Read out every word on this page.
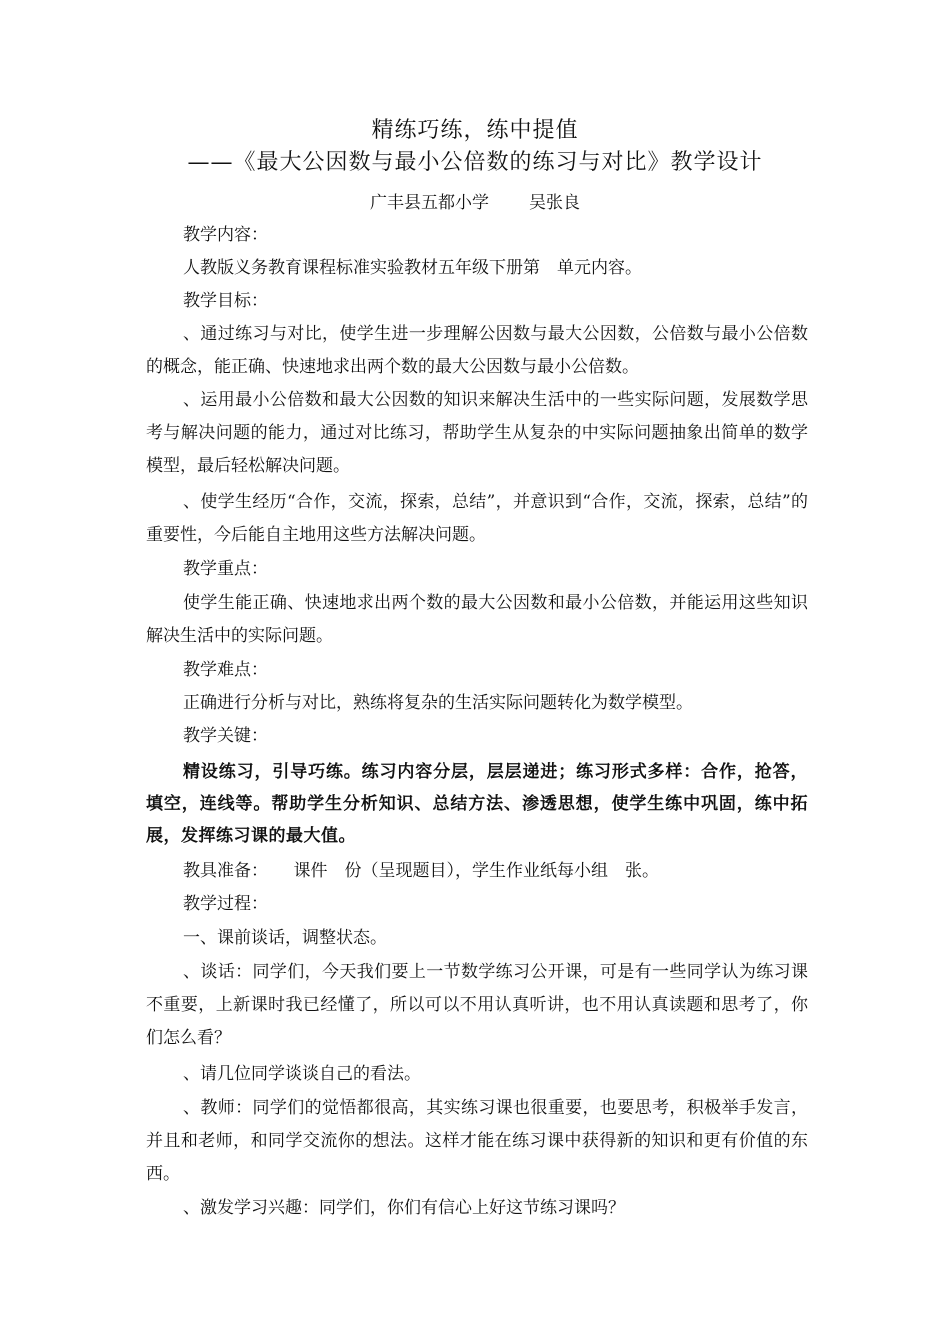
精练巧练，练中提值
——《最大公因数与最小公倍数的练习与对比》教学设计
广丰县五都小学 吴张良
教学内容：
人教版义务教育课程标准实验教材五年级下册第　单元内容。
教学目标：
、通过练习与对比，使学生进一步理解公因数与最大公因数，公倍数与最小公倍数的概念，能正确、快速地求出两个数的最大公因数与最小公倍数。
、运用最小公倍数和最大公因数的知识来解决生活中的一些实际问题，发展数学思考与解决问题的能力，通过对比练习，帮助学生从复杂的中实际问题抽象出简单的数学模型，最后轻松解决问题。
、使学生经历“合作，交流，探索，总结”，并意识到“合作，交流，探索，总结”的重要性，今后能自主地用这些方法解决问题。
教学重点：
使学生能正确、快速地求出两个数的最大公因数和最小公倍数，并能运用这些知识解决生活中的实际问题。
教学难点：
正确进行分析与对比，熟练将复杂的生活实际问题转化为数学模型。
教学关键：
精设练习，引导巧练。练习内容分层，层层递进；练习形式多样：合作，抢答，填空，连线等。帮助学生分析知识、总结方法、渗透思想，使学生练中巩固，练中拓展，发挥练习课的最大值。
教具准备：　　课件　份（呈现题目），学生作业纸每小组　张。
教学过程：
一、课前谈话，调整状态。
、谈话：同学们，今天我们要上一节数学练习公开课，可是有一些同学认为练习课不重要，上新课时我已经懂了，所以可以不用认真听讲，也不用认真读题和思考了，你们怎么看？
、请几位同学谈谈自己的看法。
、教师：同学们的觉悟都很高，其实练习课也很重要，也要思考，积极举手发言，并且和老师，和同学交流你的想法。这样才能在练习课中获得新的知识和更有价值的东西。
、激发学习兴趣：同学们，你们有信心上好这节练习课吗？
